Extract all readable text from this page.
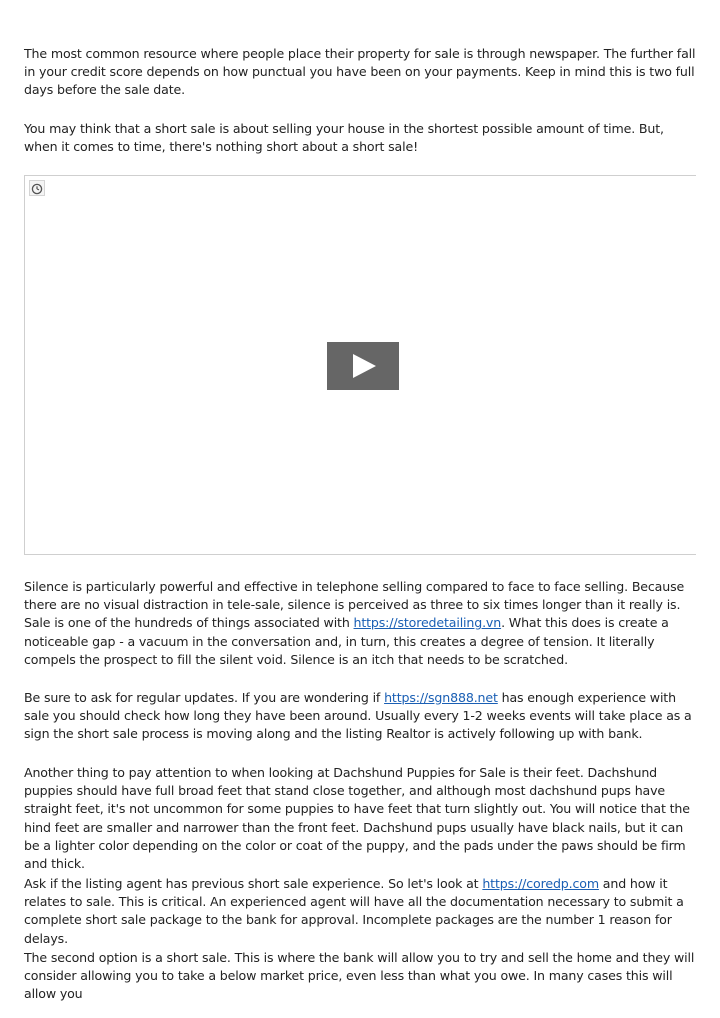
The most common resource where people place their property for sale is through newspaper. The further fall in your credit score depends on how punctual you have been on your payments. Keep in mind this is two full days before the sale date.

You may think that a short sale is about selling your house in the shortest possible amount of time. But, when it comes to time, there's nothing short about a short sale!

Silence is particularly powerful and effective in telephone selling compared to face to face selling. Because there are no visual distraction in tele-sale, silence is perceived as three to six times longer than it really is. Sale is one of the hundreds of things associated with https://storedetailing.vn. What this does is create a noticeable gap - a vacuum in the conversation and, in turn, this creates a degree of tension. It literally compels the prospect to fill the silent void. Silence is an itch that needs to be scratched.

Be sure to ask for regular updates. If you are wondering if https://sgn888.net has enough experience with sale you should check how long they have been around. Usually every 1-2 weeks events will take place as a sign the short sale process is moving along and the listing Realtor is actively following up with bank.

Another thing to pay attention to when looking at Dachshund Puppies for Sale is their feet. Dachshund puppies should have full broad feet that stand close together, and although most dachshund pups have straight feet, it's not uncommon for some puppies to have feet that turn slightly out. You will notice that the hind feet are smaller and narrower than the front feet. Dachshund pups usually have black nails, but it can be a lighter color depending on the color or coat of the puppy, and the pads under the paws should be firm and thick.

Ask if the listing agent has previous short sale experience. So let's look at https://coredp.com and how it relates to sale. This is critical. An experienced agent will have all the documentation necessary to submit a complete short sale package to the bank for approval. Incomplete packages are the number 1 reason for delays.

The second option is a short sale. This is where the bank will allow you to try and sell the home and they will consider allowing you to take a below market price, even less than what you owe. In many cases this will allow you
